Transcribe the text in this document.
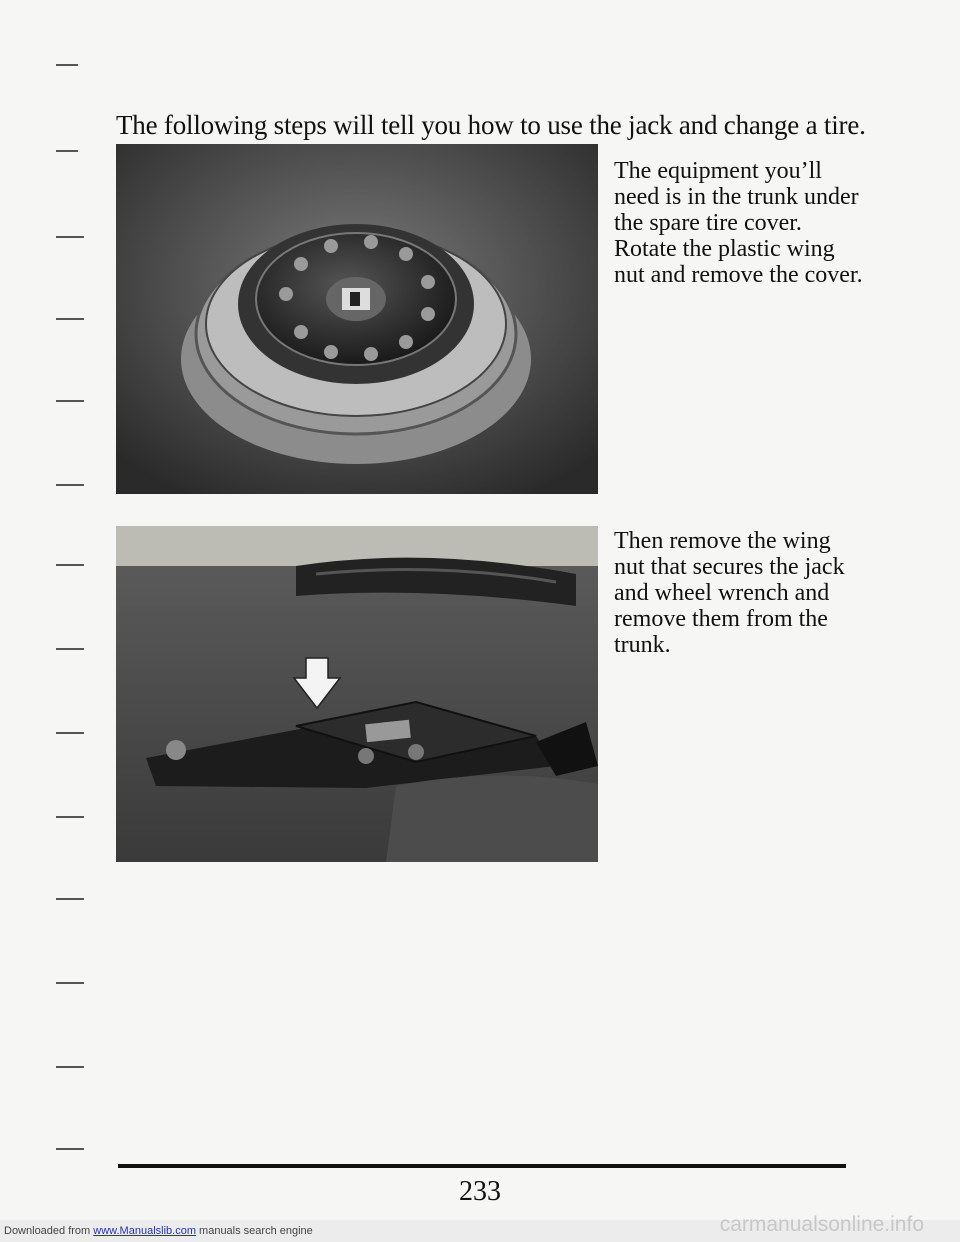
The following steps will tell you how to use the jack and change a tire.

The equipment you’ll need is in the trunk under the spare tire cover. Rotate the plastic wing nut and remove the cover.

Then remove the wing nut that secures the jack and wheel wrench and remove them from the trunk.

233
Downloaded from www.Manualslib.com manuals search engine	carmanualsonline.info
